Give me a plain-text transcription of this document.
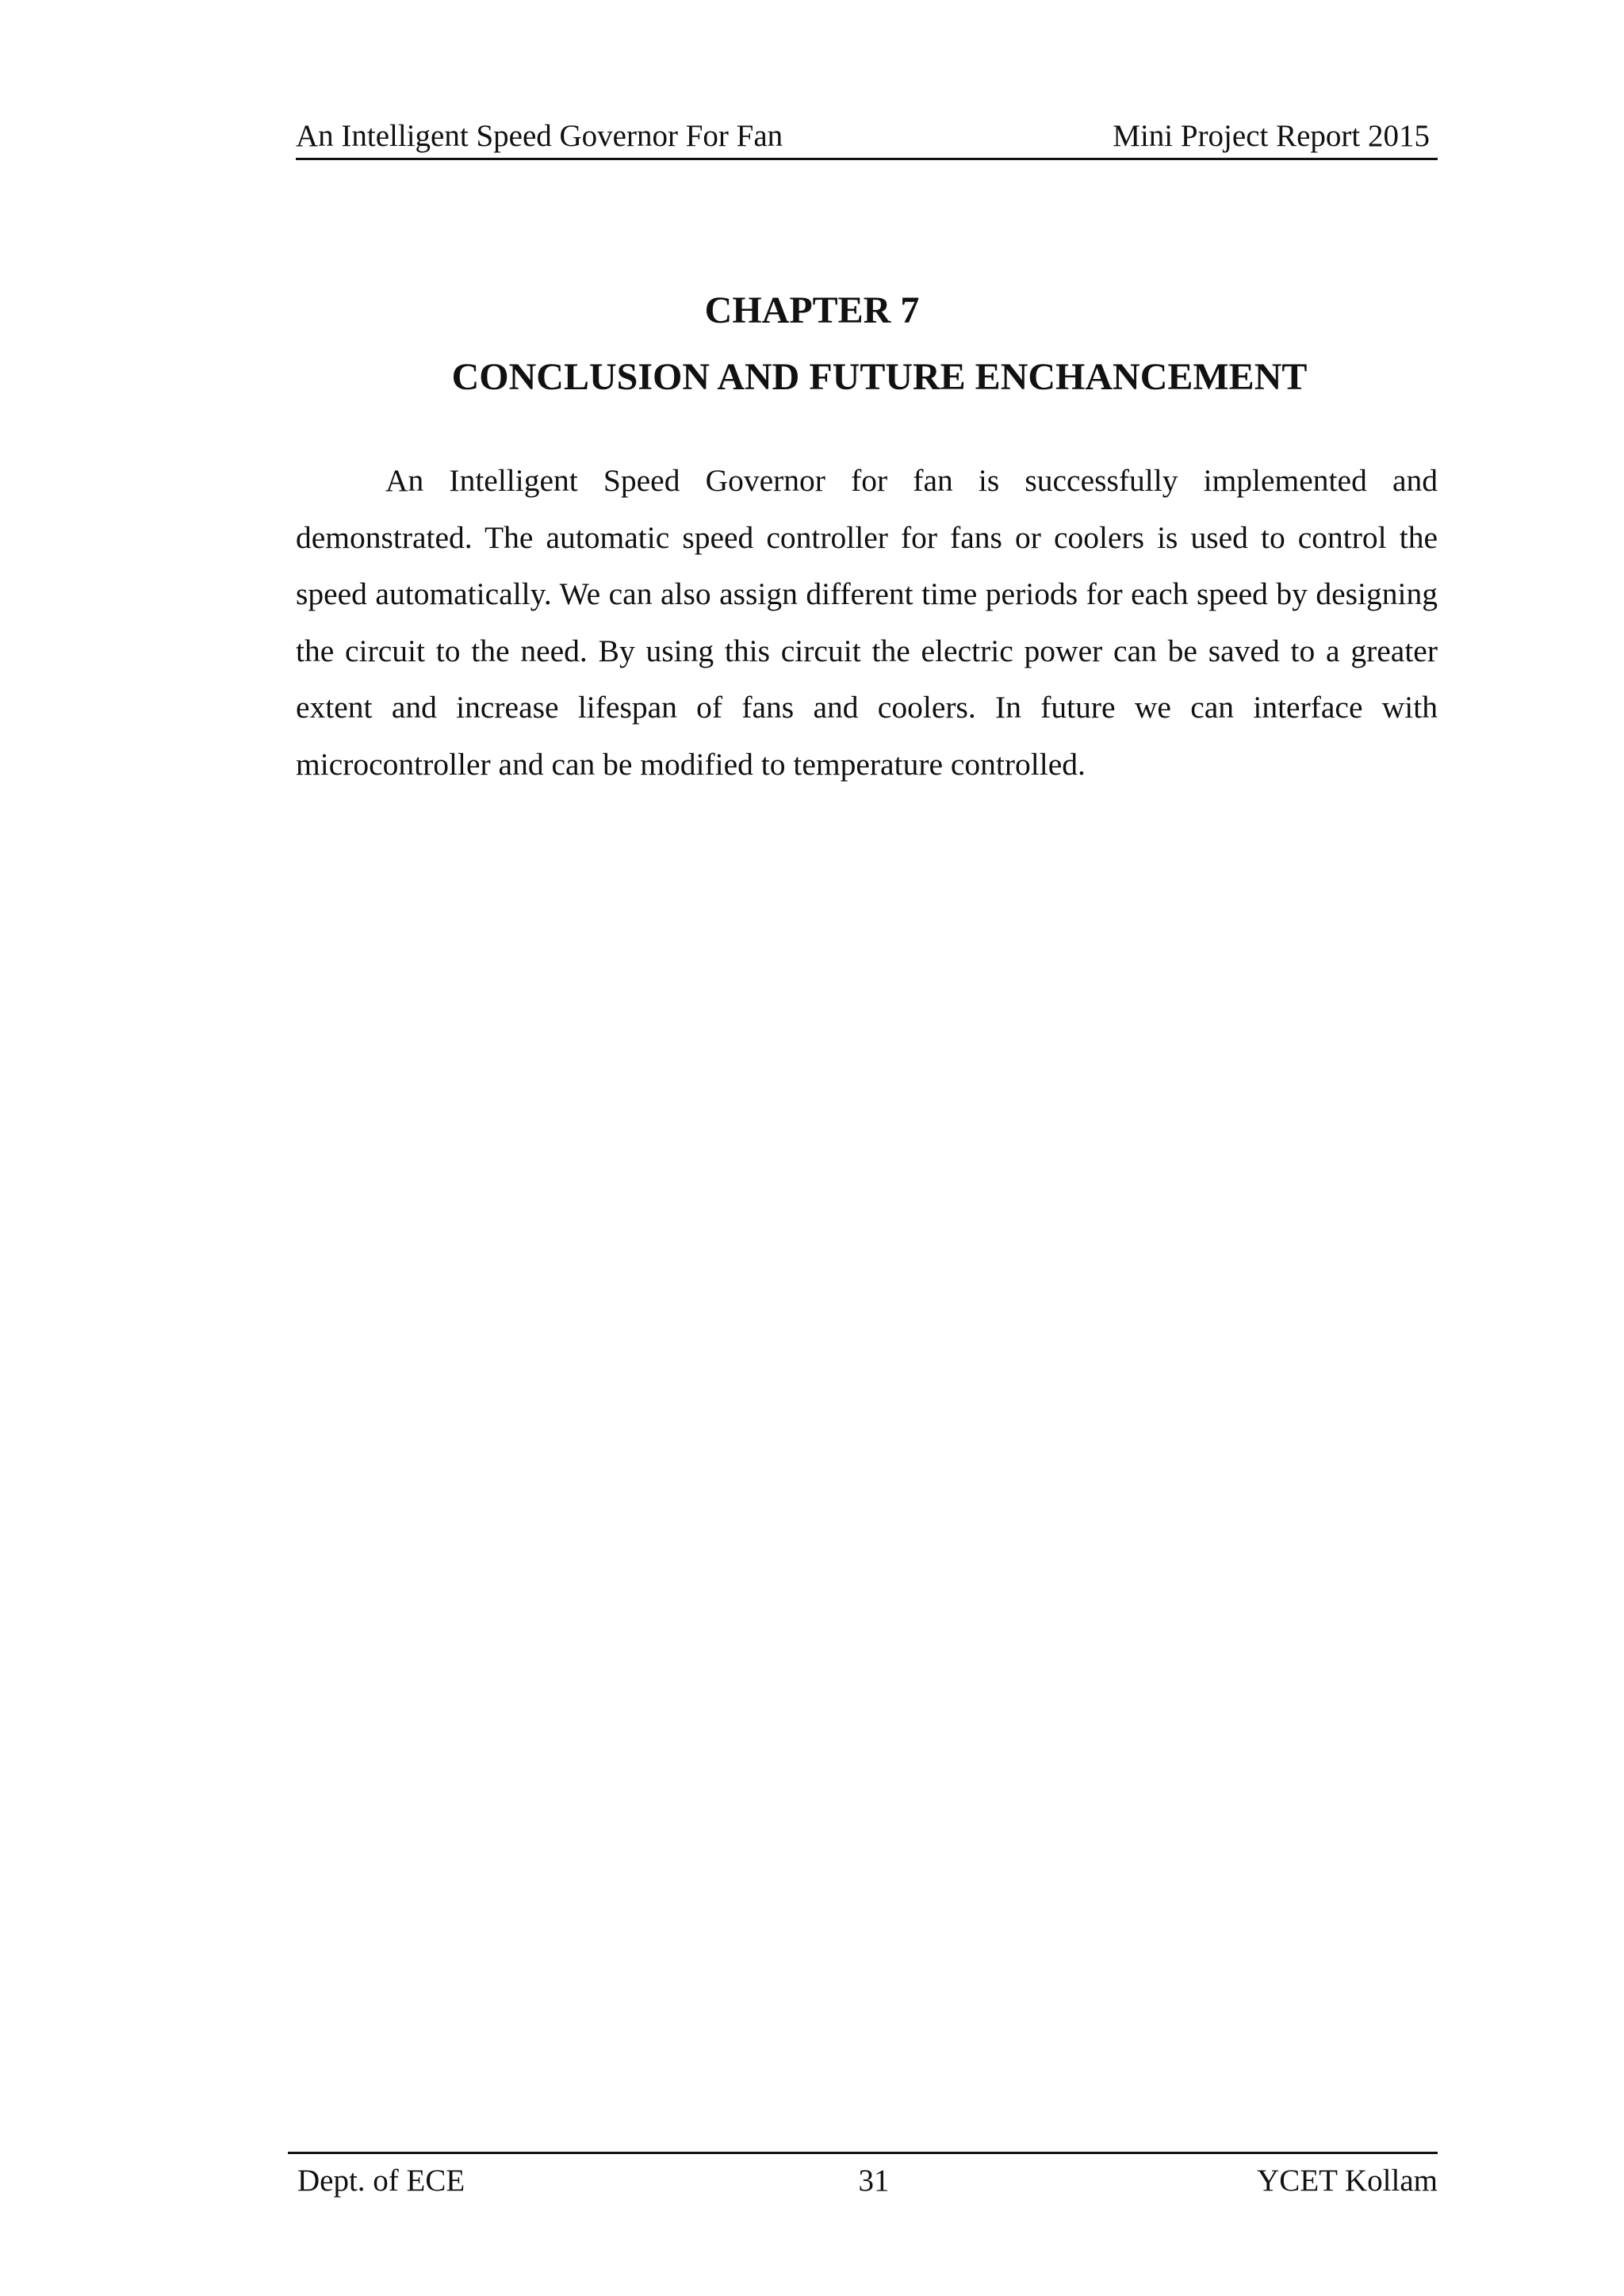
An Intelligent Speed Governor For Fan	Mini Project Report 2015
CHAPTER 7
CONCLUSION AND FUTURE ENCHANCEMENT

An Intelligent Speed Governor for fan is successfully implemented and demonstrated. The automatic speed controller for fans or coolers is used to control the speed automatically. We can also assign different time periods for each speed by designing the circuit to the need. By using this circuit the electric power can be saved to a greater extent and increase lifespan of fans and coolers. In future we can interface with microcontroller and can be modified to temperature controlled.

Dept. of ECE	31	YCET Kollam
